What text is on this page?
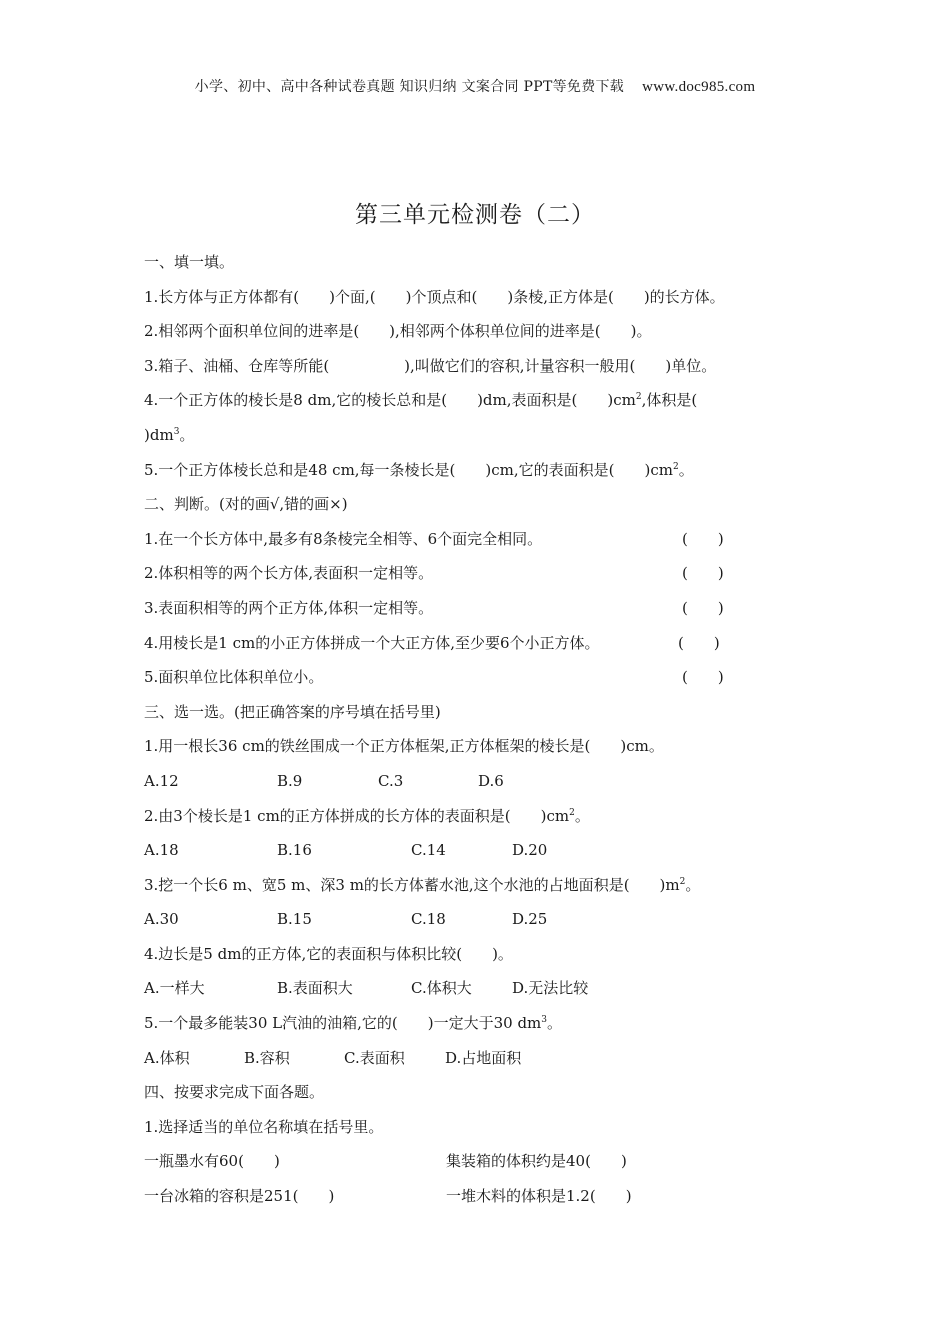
小学、初中、高中各种试卷真题 知识归纳 文案合同 PPT等免费下载 www.doc985.com
第三单元检测卷（二）
一、填一填。
1.长方体与正方体都有(　　)个面,(　　)个顶点和(　　)条棱,正方体是(　　)的长方体。
2.相邻两个面积单位间的进率是(　　),相邻两个体积单位间的进率是(　　)。
3.箱子、油桶、仓库等所能(　　　　　),叫做它们的容积,计量容积一般用(　　)单位。
4.一个正方体的棱长是8 dm,它的棱长总和是(　　)dm,表面积是(　　)$cm^2$,体积是(
)$dm^3$。
5.一个正方体棱长总和是48 cm,每一条棱长是(　　)cm,它的表面积是(　　)$cm^2$。
二、判断。(对的画√,错的画×)
1.在一个长方体中,最多有8条棱完全相等、6个面完全相同。	(　　)
2.体积相等的两个长方体,表面积一定相等。	(　　)
3.表面积相等的两个正方体,体积一定相等。	(　　)
4.用棱长是1 cm的小正方体拼成一个大正方体,至少要6个小正方体。	(　　)
5.面积单位比体积单位小。	(　　)
三、选一选。(把正确答案的序号填在括号里)
1.用一根长36 cm的铁丝围成一个正方体框架,正方体框架的棱长是(　　)cm。
A.12	B.9	C.3	D.6
2.由3个棱长是1 cm的正方体拼成的长方体的表面积是(　　)$cm^2$。
A.18	B.16	C.14	D.20
3.挖一个长6 m、宽5 m、深3 m的长方体蓄水池,这个水池的占地面积是(　　)$m^2$。
A.30	B.15	C.18	D.25
4.边长是5 dm的正方体,它的表面积与体积比较(　　)。
A.一样大	B.表面积大	C.体积大	D.无法比较
5.一个最多能装30 L汽油的油箱,它的(　　)一定大于30 $dm^3$。
A.体积	B.容积	C.表面积	D.占地面积
四、按要求完成下面各题。
1.选择适当的单位名称填在括号里。
一瓶墨水有60(　　)	集装箱的体积约是40(　　)
一台冰箱的容积是251(　　)	一堆木料的体积是1.2(　　)
